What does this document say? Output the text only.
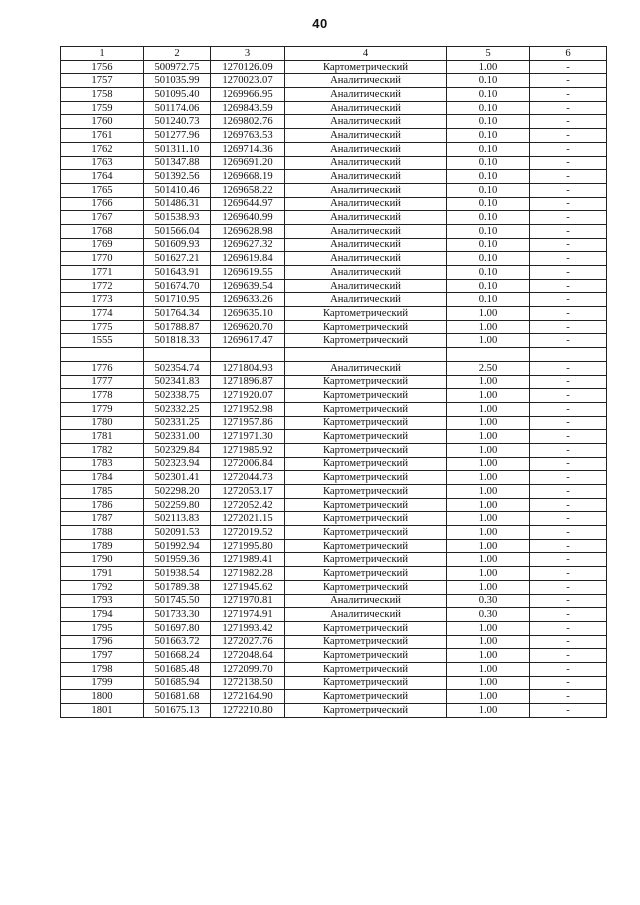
40
1	2	3	4	5	6
1756	500972.75	1270126.09	Картометрический	1.00	-
1757	501035.99	1270023.07	Аналитический	0.10	-
1758	501095.40	1269966.95	Аналитический	0.10	-
1759	501174.06	1269843.59	Аналитический	0.10	-
1760	501240.73	1269802.76	Аналитический	0.10	-
1761	501277.96	1269763.53	Аналитический	0.10	-
1762	501311.10	1269714.36	Аналитический	0.10	-
1763	501347.88	1269691.20	Аналитический	0.10	-
1764	501392.56	1269668.19	Аналитический	0.10	-
1765	501410.46	1269658.22	Аналитический	0.10	-
1766	501486.31	1269644.97	Аналитический	0.10	-
1767	501538.93	1269640.99	Аналитический	0.10	-
1768	501566.04	1269628.98	Аналитический	0.10	-
1769	501609.93	1269627.32	Аналитический	0.10	-
1770	501627.21	1269619.84	Аналитический	0.10	-
1771	501643.91	1269619.55	Аналитический	0.10	-
1772	501674.70	1269639.54	Аналитический	0.10	-
1773	501710.95	1269633.26	Аналитический	0.10	-
1774	501764.34	1269635.10	Картометрический	1.00	-
1775	501788.87	1269620.70	Картометрический	1.00	-
1555	501818.33	1269617.47	Картометрический	1.00	-

1776	502354.74	1271804.93	Аналитический	2.50	-
1777	502341.83	1271896.87	Картометрический	1.00	-
1778	502338.75	1271920.07	Картометрический	1.00	-
1779	502332.25	1271952.98	Картометрический	1.00	-
1780	502331.25	1271957.86	Картометрический	1.00	-
1781	502331.00	1271971.30	Картометрический	1.00	-
1782	502329.84	1271985.92	Картометрический	1.00	-
1783	502323.94	1272006.84	Картометрический	1.00	-
1784	502301.41	1272044.73	Картометрический	1.00	-
1785	502298.20	1272053.17	Картометрический	1.00	-
1786	502259.80	1272052.42	Картометрический	1.00	-
1787	502113.83	1272021.15	Картометрический	1.00	-
1788	502091.53	1272019.52	Картометрический	1.00	-
1789	501992.94	1271995.80	Картометрический	1.00	-
1790	501959.36	1271989.41	Картометрический	1.00	-
1791	501938.54	1271982.28	Картометрический	1.00	-
1792	501789.38	1271945.62	Картометрический	1.00	-
1793	501745.50	1271970.81	Аналитический	0.30	-
1794	501733.30	1271974.91	Аналитический	0.30	-
1795	501697.80	1271993.42	Картометрический	1.00	-
1796	501663.72	1272027.76	Картометрический	1.00	-
1797	501668.24	1272048.64	Картометрический	1.00	-
1798	501685.48	1272099.70	Картометрический	1.00	-
1799	501685.94	1272138.50	Картометрический	1.00	-
1800	501681.68	1272164.90	Картометрический	1.00	-
1801	501675.13	1272210.80	Картометрический	1.00	-
